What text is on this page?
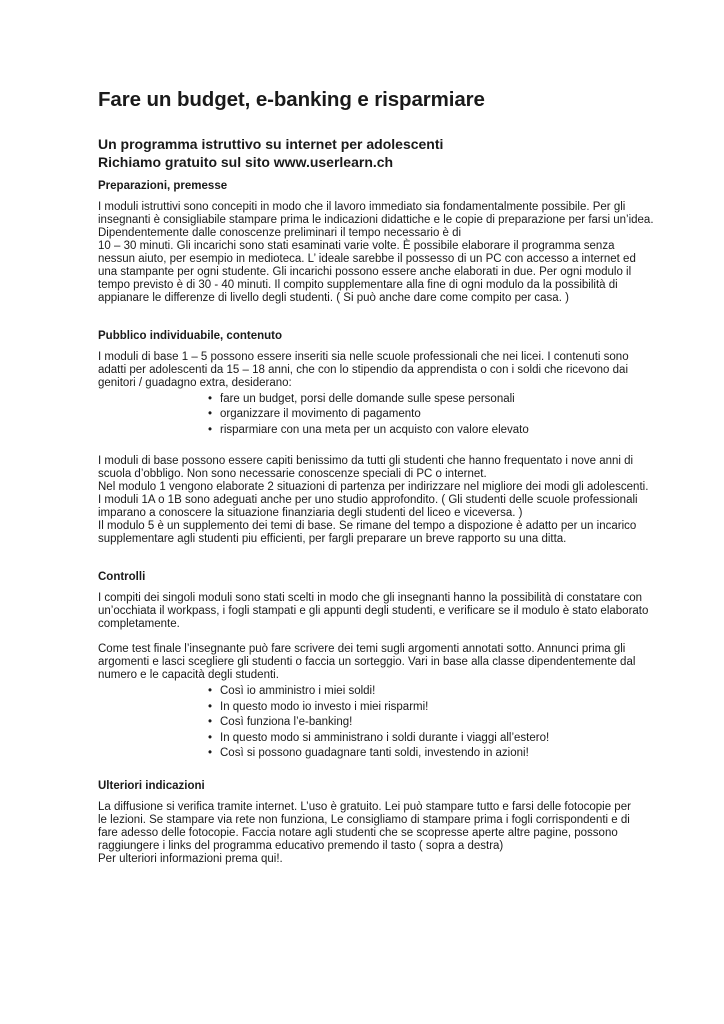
Fare un budget, e-banking e risparmiare
Un programma istruttivo su internet per adolescenti
Richiamo gratuito sul sito www.userlearn.ch
Preparazioni, premesse

I moduli istruttivi sono concepiti in modo che il lavoro immediato sia fondamentalmente possibile. Per gli
insegnanti è consigliabile stampare prima le indicazioni didattiche e le copie di preparazione per farsi un’idea.
Dipendentemente dalle conoscenze preliminari il tempo necessario è di
10 – 30 minuti. Gli incarichi sono stati esaminati varie volte. È possibile elaborare il programma senza
nessun aiuto, per esempio in medioteca. L’ ideale sarebbe il possesso di un PC con accesso a internet ed
una stampante per ogni studente. Gli incarichi possono essere anche elaborati in due. Per ogni modulo il
tempo previsto è di 30 - 40 minuti. Il compito supplementare alla fine di ogni modulo da la possibilità di
appianare le differenze di livello degli studenti. ( Si può anche dare come compito per casa. )

Pubblico individuabile, contenuto

I moduli di base 1 – 5 possono essere inseriti sia nelle scuole professionali che nei licei. I contenuti sono
adatti per adolescenti da 15 – 18 anni, che con lo stipendio da apprendista o con i soldi che ricevono dai
genitori / guadagno extra, desiderano:

• fare un budget, porsi delle domande sulle spese personali
• organizzare il movimento di pagamento
• risparmiare con una meta per un acquisto con valore elevato

I moduli di base possono essere capiti benissimo da tutti gli studenti che hanno frequentato i nove anni di
scuola d’obbligo. Non sono necessarie conoscenze speciali di PC o internet.
Nel modulo 1 vengono elaborate 2 situazioni di partenza per indirizzare nel migliore dei modi gli adolescenti.
I moduli 1A o 1B sono adeguati anche per uno studio approfondito. ( Gli studenti delle scuole professionali
imparano a conoscere la situazione finanziaria degli studenti del liceo e viceversa. )
Il modulo 5 è un supplemento dei temi di base. Se rimane del tempo a dispozione è adatto per un incarico
supplementare agli studenti piu efficienti, per fargli preparare un breve rapporto su una ditta.

Controlli

I compiti dei singoli moduli sono stati scelti in modo che gli insegnanti hanno la possibilità di constatare con
un’occhiata il workpass, i fogli stampati e gli appunti degli studenti, e verificare se il modulo è stato elaborato
completamente.

Come test finale l’insegnante può fare scrivere dei temi sugli argomenti annotati sotto. Annunci prima gli
argomenti e lasci scegliere gli studenti o faccia un sorteggio. Vari in base alla classe dipendentemente dal
numero e le capacità degli studenti.

• Così io amministro i miei soldi!
• In questo modo io investo i miei risparmi!
• Così funziona l’e-banking!
• In questo modo si amministrano i soldi durante i viaggi all’estero!
• Così si possono guadagnare tanti soldi, investendo in azioni!
Ulteriori indicazioni

La diffusione si verifica tramite internet. L’uso è gratuito. Lei può stampare tutto e farsi delle fotocopie per
le lezioni. Se stampare via rete non funziona, Le consigliamo di stampare prima i fogli corrispondenti e di
fare adesso delle fotocopie. Faccia notare agli studenti che se scopresse aperte altre pagine, possono
raggiungere i links del programma educativo premendo il tasto ( sopra a destra)

Per ulteriori informazioni prema qui!.
